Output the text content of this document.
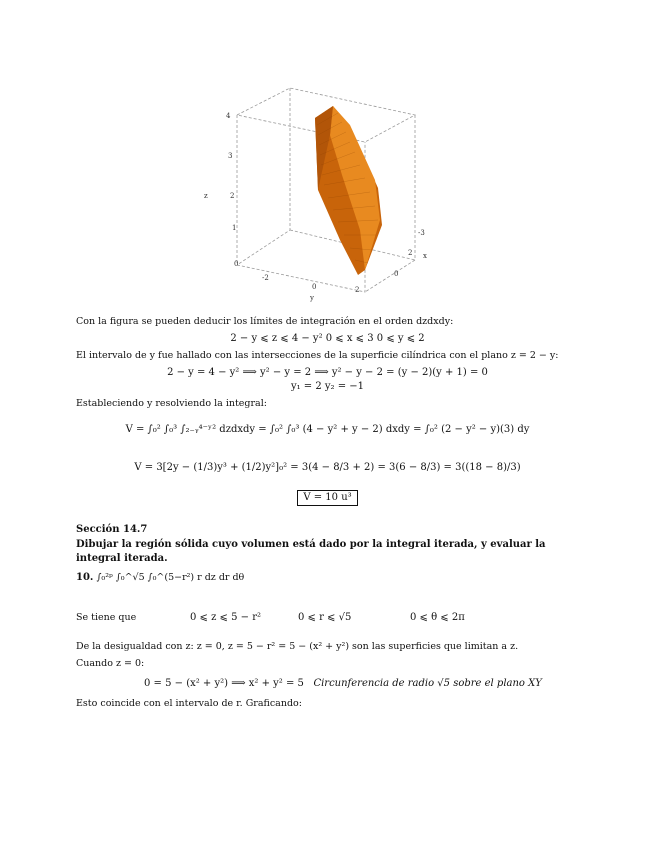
4
3
2
1
0
z
-2
0	2
y
-3
2
0
x
Con la figura se pueden deducir los límites de integración en el orden dzdxdy:
2 − y ⩽ z ⩽ 4 − y² 0 ⩽ x ⩽ 3 0 ⩽ y ⩽ 2
El intervalo de y fue hallado con las intersecciones de la superficie cilíndrica con el plano z = 2 − y:
2 − y = 4 − y² ⟹ y² − y = 2 ⟹ y² − y − 2 = (y − 2)(y + 1) = 0
y₁ = 2 y₂ = −1
Estableciendo y resolviendo la integral:
V = ∫₀² ∫₀³ ∫₂₋ᵧ⁴⁻ʸ² dzdxdy = ∫₀² ∫₀³ (4 − y² + y − 2) dxdy = ∫₀² (2 − y² − y)(3) dy
V = 3[2y − (1/3)y³ + (1/2)y²]₀² = 3(4 − 8/3 + 2) = 3(6 − 8/3) = 3((18 − 8)/3)
V = 10 u³
Sección 14.7
Dibujar la región sólida cuyo volumen está dado por la integral iterada, y evaluar la integral iterada.
10. ∫₀²ᵖ ∫₀^√5 ∫₀^(5−r²) r dz dr dθ
Se tiene que	0 ⩽ z ⩽ 5 − r²	0 ⩽ r ⩽ √5	0 ⩽ θ ⩽ 2π
De la desigualdad con z: z = 0, z = 5 − r² = 5 − (x² + y²) son las superficies que limitan a z.
Cuando z = 0:
0 = 5 − (x² + y²) ⟹ x² + y² = 5 Circunferencia de radio √5 sobre el plano XY
Esto coincide con el intervalo de r. Graficando:
